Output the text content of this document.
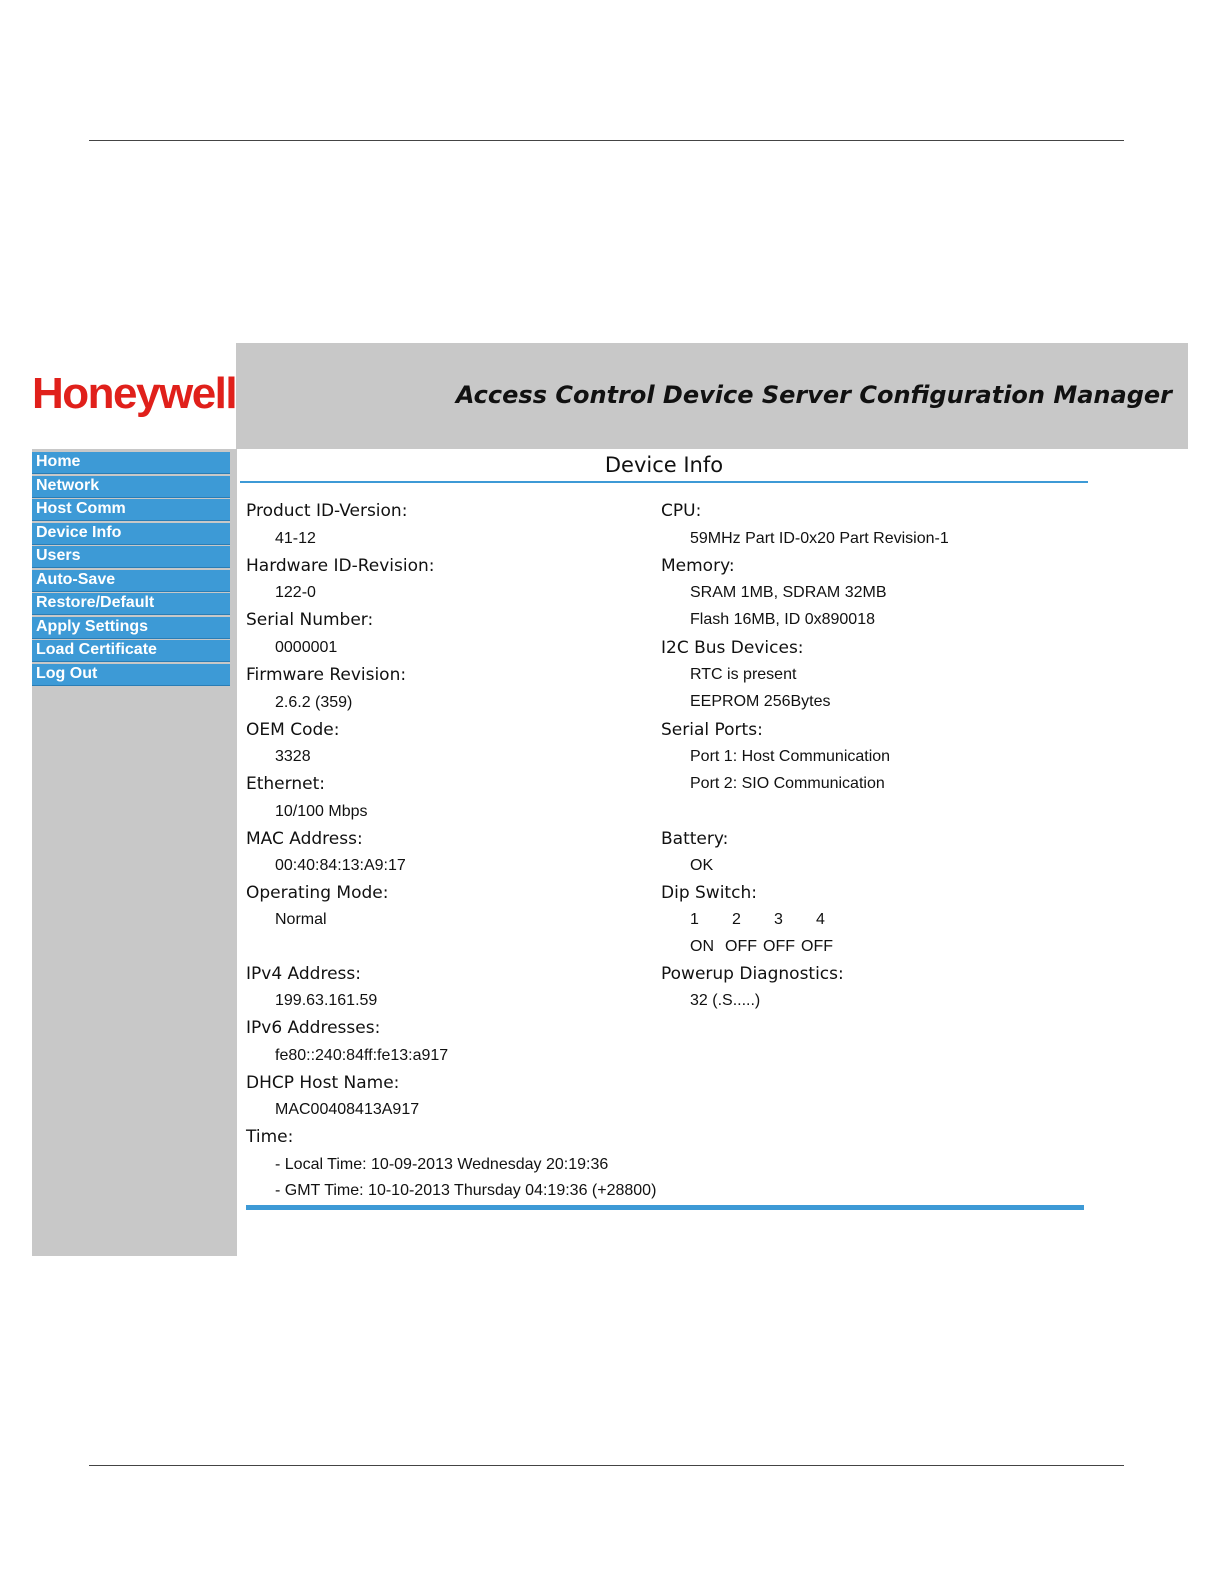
Honeywell	Access Control Device Server Configuration Manager
Home
Network
Host Comm
Device Info
Users
Auto-Save
Restore/Default
Apply Settings
Load Certificate
Log Out
Device Info
Product ID-Version:
41-12
Hardware ID-Revision:
122-0
Serial Number:
0000001
Firmware Revision:
2.6.2 (359)
OEM Code:
3328
Ethernet:
10/100 Mbps
MAC Address:
00:40:84:13:A9:17
Operating Mode:
Normal
IPv4 Address:
199.63.161.59
IPv6 Addresses:
fe80::240:84ff:fe13:a917
DHCP Host Name:
MAC00408413A917
Time:
- Local Time: 10-09-2013 Wednesday 20:19:36
- GMT Time: 10-10-2013 Thursday 04:19:36 (+28800)
CPU:
59MHz Part ID-0x20 Part Revision-1
Memory:
SRAM 1MB, SDRAM 32MB
Flash 16MB, ID 0x890018
I2C Bus Devices:
RTC is present
EEPROM 256Bytes
Serial Ports:
Port 1: Host Communication
Port 2: SIO Communication
Battery:
OK
Dip Switch:
1 2 3 4
ON OFF OFF OFF
Powerup Diagnostics:
32 (.S.....)
